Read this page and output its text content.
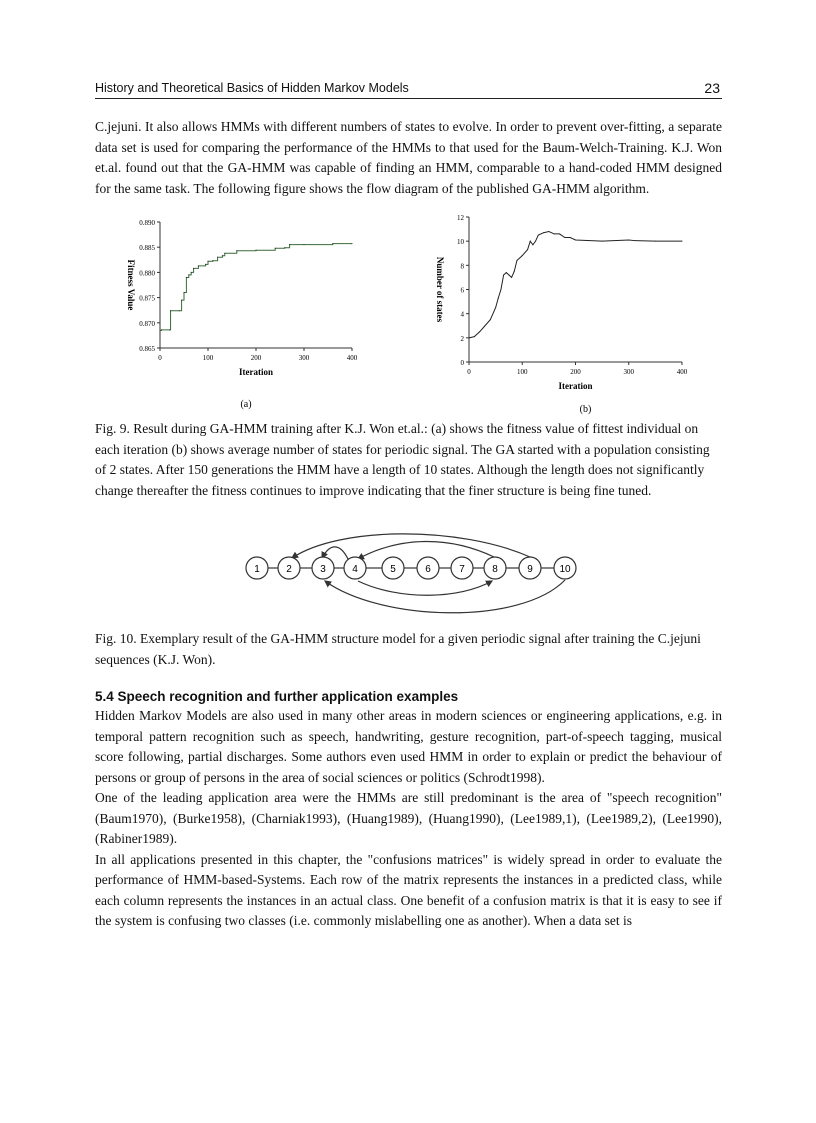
History and Theoretical Basics of Hidden Markov Models	23

C.jejuni. It also allows HMMs with different numbers of states to evolve. In order to prevent over-fitting, a separate data set is used for comparing the performance of the HMMs to that used for the Baum-Welch-Training. K.J. Won et.al. found out that the GA-HMM was capable of finding an HMM, comparable to a hand-coded HMM designed for the same task. The following figure shows the flow diagram of the published GA-HMM algorithm.

0.865
0.870
0.875
0.880
0.885
0.890
0	100	200	300	400
Iteration
Fitness Value
(a)
0
2
4
6
8
10
12
0	100	200	300	400
Iteration
Number of states
(b)

Fig. 9. Result during GA-HMM training after K.J. Won et.al.: (a) shows the fitness value of fittest individual on each iteration (b) shows average number of states for periodic signal. The GA started with a population consisting of 2 states. After 150 generations the HMM have a length of 10 states. Although the length does not significantly change thereafter the fitness continues to improve indicating that the finer structure is being fine tuned.

1	2	3	4	5	6	7	8	9	10

Fig. 10. Exemplary result of the GA-HMM structure model for a given periodic signal after training the C.jejuni sequences (K.J. Won).

5.4 Speech recognition and further application examples

Hidden Markov Models are also used in many other areas in modern sciences or engineering applications, e.g. in temporal pattern recognition such as speech, handwriting, gesture recognition, part-of-speech tagging, musical score following, partial discharges. Some authors even used HMM in order to explain or predict the behaviour of persons or group of persons in the area of social sciences or politics (Schrodt1998).

One of the leading application area were the HMMs are still predominant is the area of "speech recognition" (Baum1970), (Burke1958), (Charniak1993), (Huang1989), (Huang1990), (Lee1989,1), (Lee1989,2), (Lee1990), (Rabiner1989).

In all applications presented in this chapter, the "confusions matrices" is widely spread in order to evaluate the performance of HMM-based-Systems. Each row of the matrix represents the instances in a predicted class, while each column represents the instances in an actual class. One benefit of a confusion matrix is that it is easy to see if the system is confusing two classes (i.e. commonly mislabelling one as another). When a data set is
